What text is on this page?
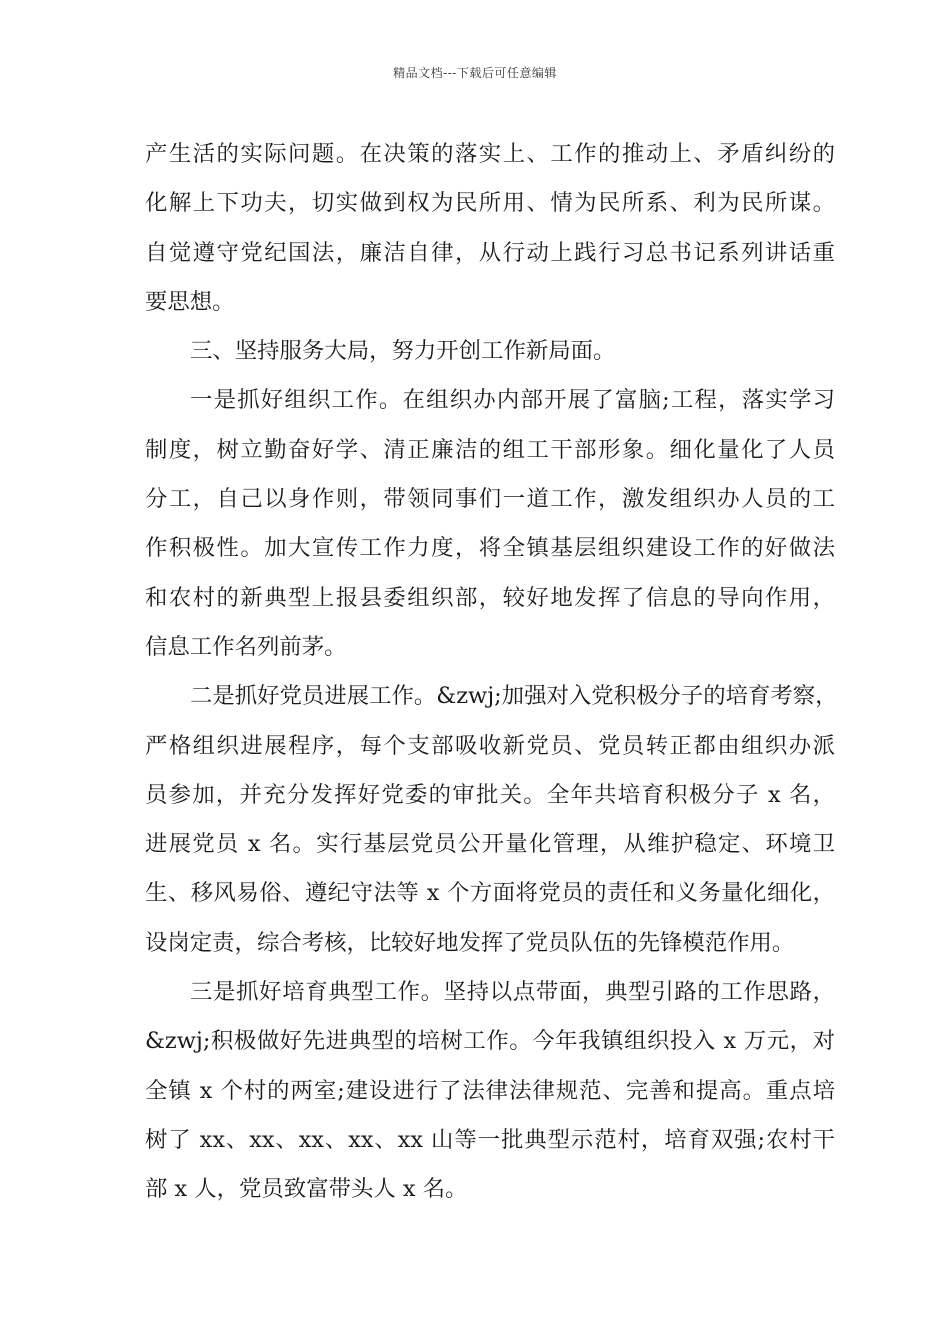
精品文档---下载后可任意编辑
产生活的实际问题。在决策的落实上、工作的推动上、矛盾纠纷的
化解上下功夫，切实做到权为民所用、情为民所系、利为民所谋。
自觉遵守党纪国法，廉洁自律，从行动上践行习总书记系列讲话重
要思想。
三、坚持服务大局，努力开创工作新局面。
一是抓好组织工作。在组织办内部开展了富脑;工程，落实学习
制度，树立勤奋好学、清正廉洁的组工干部形象。细化量化了人员
分工，自己以身作则，带领同事们一道工作，激发组织办人员的工
作积极性。加大宣传工作力度，将全镇基层组织建设工作的好做法
和农村的新典型上报县委组织部，较好地发挥了信息的导向作用，
信息工作名列前茅。
二是抓好党员进展工作。&zwj;加强对入党积极分子的培育考察，
严格组织进展程序，每个支部吸收新党员、党员转正都由组织办派
员参加，并充分发挥好党委的审批关。全年共培育积极分子 x 名，
进展党员 x 名。实行基层党员公开量化管理，从维护稳定、环境卫
生、移风易俗、遵纪守法等 x 个方面将党员的责任和义务量化细化，
设岗定责，综合考核，比较好地发挥了党员队伍的先锋模范作用。
三是抓好培育典型工作。坚持以点带面，典型引路的工作思路，
&zwj;积极做好先进典型的培树工作。今年我镇组织投入 x 万元，对
全镇 x 个村的两室;建设进行了法律法律规范、完善和提高。重点培
树了 xx、xx、xx、xx、xx 山等一批典型示范村，培育双强;农村干
部 x 人，党员致富带头人 x 名。
